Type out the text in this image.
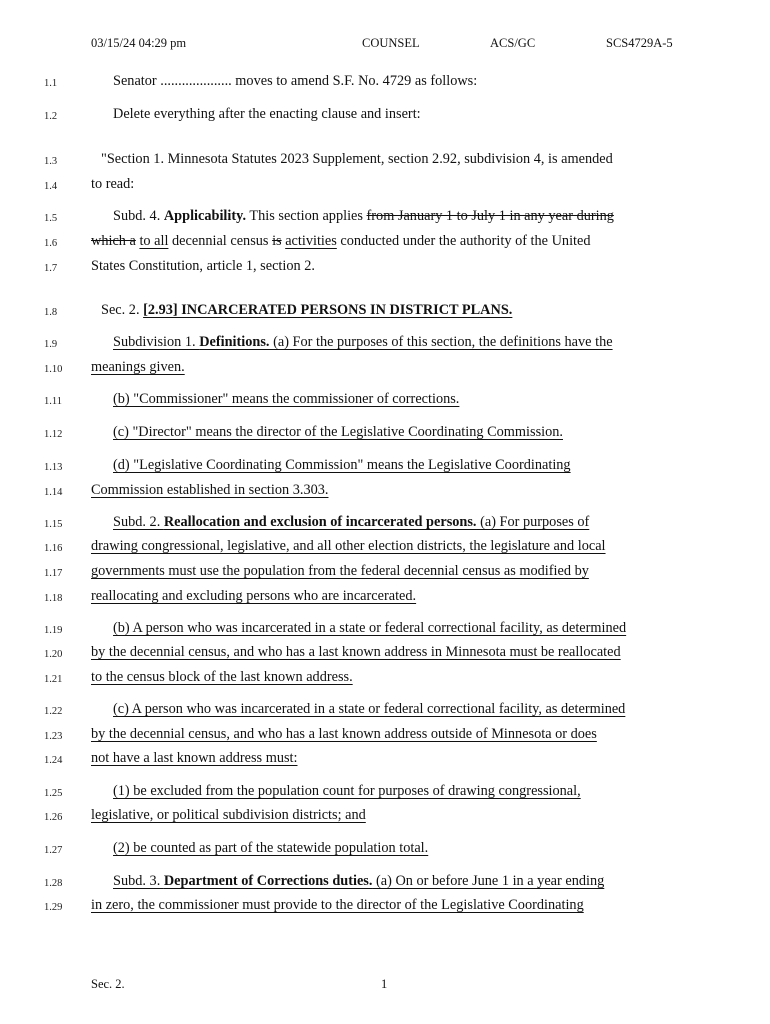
03/15/24 04:29 pm	COUNSEL	ACS/GC	SCS4729A-5
1.1	Senator .................... moves to amend S.F. No. 4729 as follows:
1.2	Delete everything after the enacting clause and insert:
1.3	"Section 1. Minnesota Statutes 2023 Supplement, section 2.92, subdivision 4, is amended
1.4	to read:
1.5	Subd. 4. Applicability. This section applies from January 1 to July 1 in any year during
1.6	which a to all decennial census is activities conducted under the authority of the United
1.7	States Constitution, article 1, section 2.
1.8	Sec. 2. [2.93] INCARCERATED PERSONS IN DISTRICT PLANS.
1.9	Subdivision 1. Definitions. (a) For the purposes of this section, the definitions have the
1.10	meanings given.
1.11	(b) "Commissioner" means the commissioner of corrections.
1.12	(c) "Director" means the director of the Legislative Coordinating Commission.
1.13	(d) "Legislative Coordinating Commission" means the Legislative Coordinating
1.14	Commission established in section 3.303.
1.15	Subd. 2. Reallocation and exclusion of incarcerated persons. (a) For purposes of
1.16	drawing congressional, legislative, and all other election districts, the legislature and local
1.17	governments must use the population from the federal decennial census as modified by
1.18	reallocating and excluding persons who are incarcerated.
1.19	(b) A person who was incarcerated in a state or federal correctional facility, as determined
1.20	by the decennial census, and who has a last known address in Minnesota must be reallocated
1.21	to the census block of the last known address.
1.22	(c) A person who was incarcerated in a state or federal correctional facility, as determined
1.23	by the decennial census, and who has a last known address outside of Minnesota or does
1.24	not have a last known address must:
1.25	(1) be excluded from the population count for purposes of drawing congressional,
1.26	legislative, or political subdivision districts; and
1.27	(2) be counted as part of the statewide population total.
1.28	Subd. 3. Department of Corrections duties. (a) On or before June 1 in a year ending
1.29	in zero, the commissioner must provide to the director of the Legislative Coordinating
Sec. 2.	1
